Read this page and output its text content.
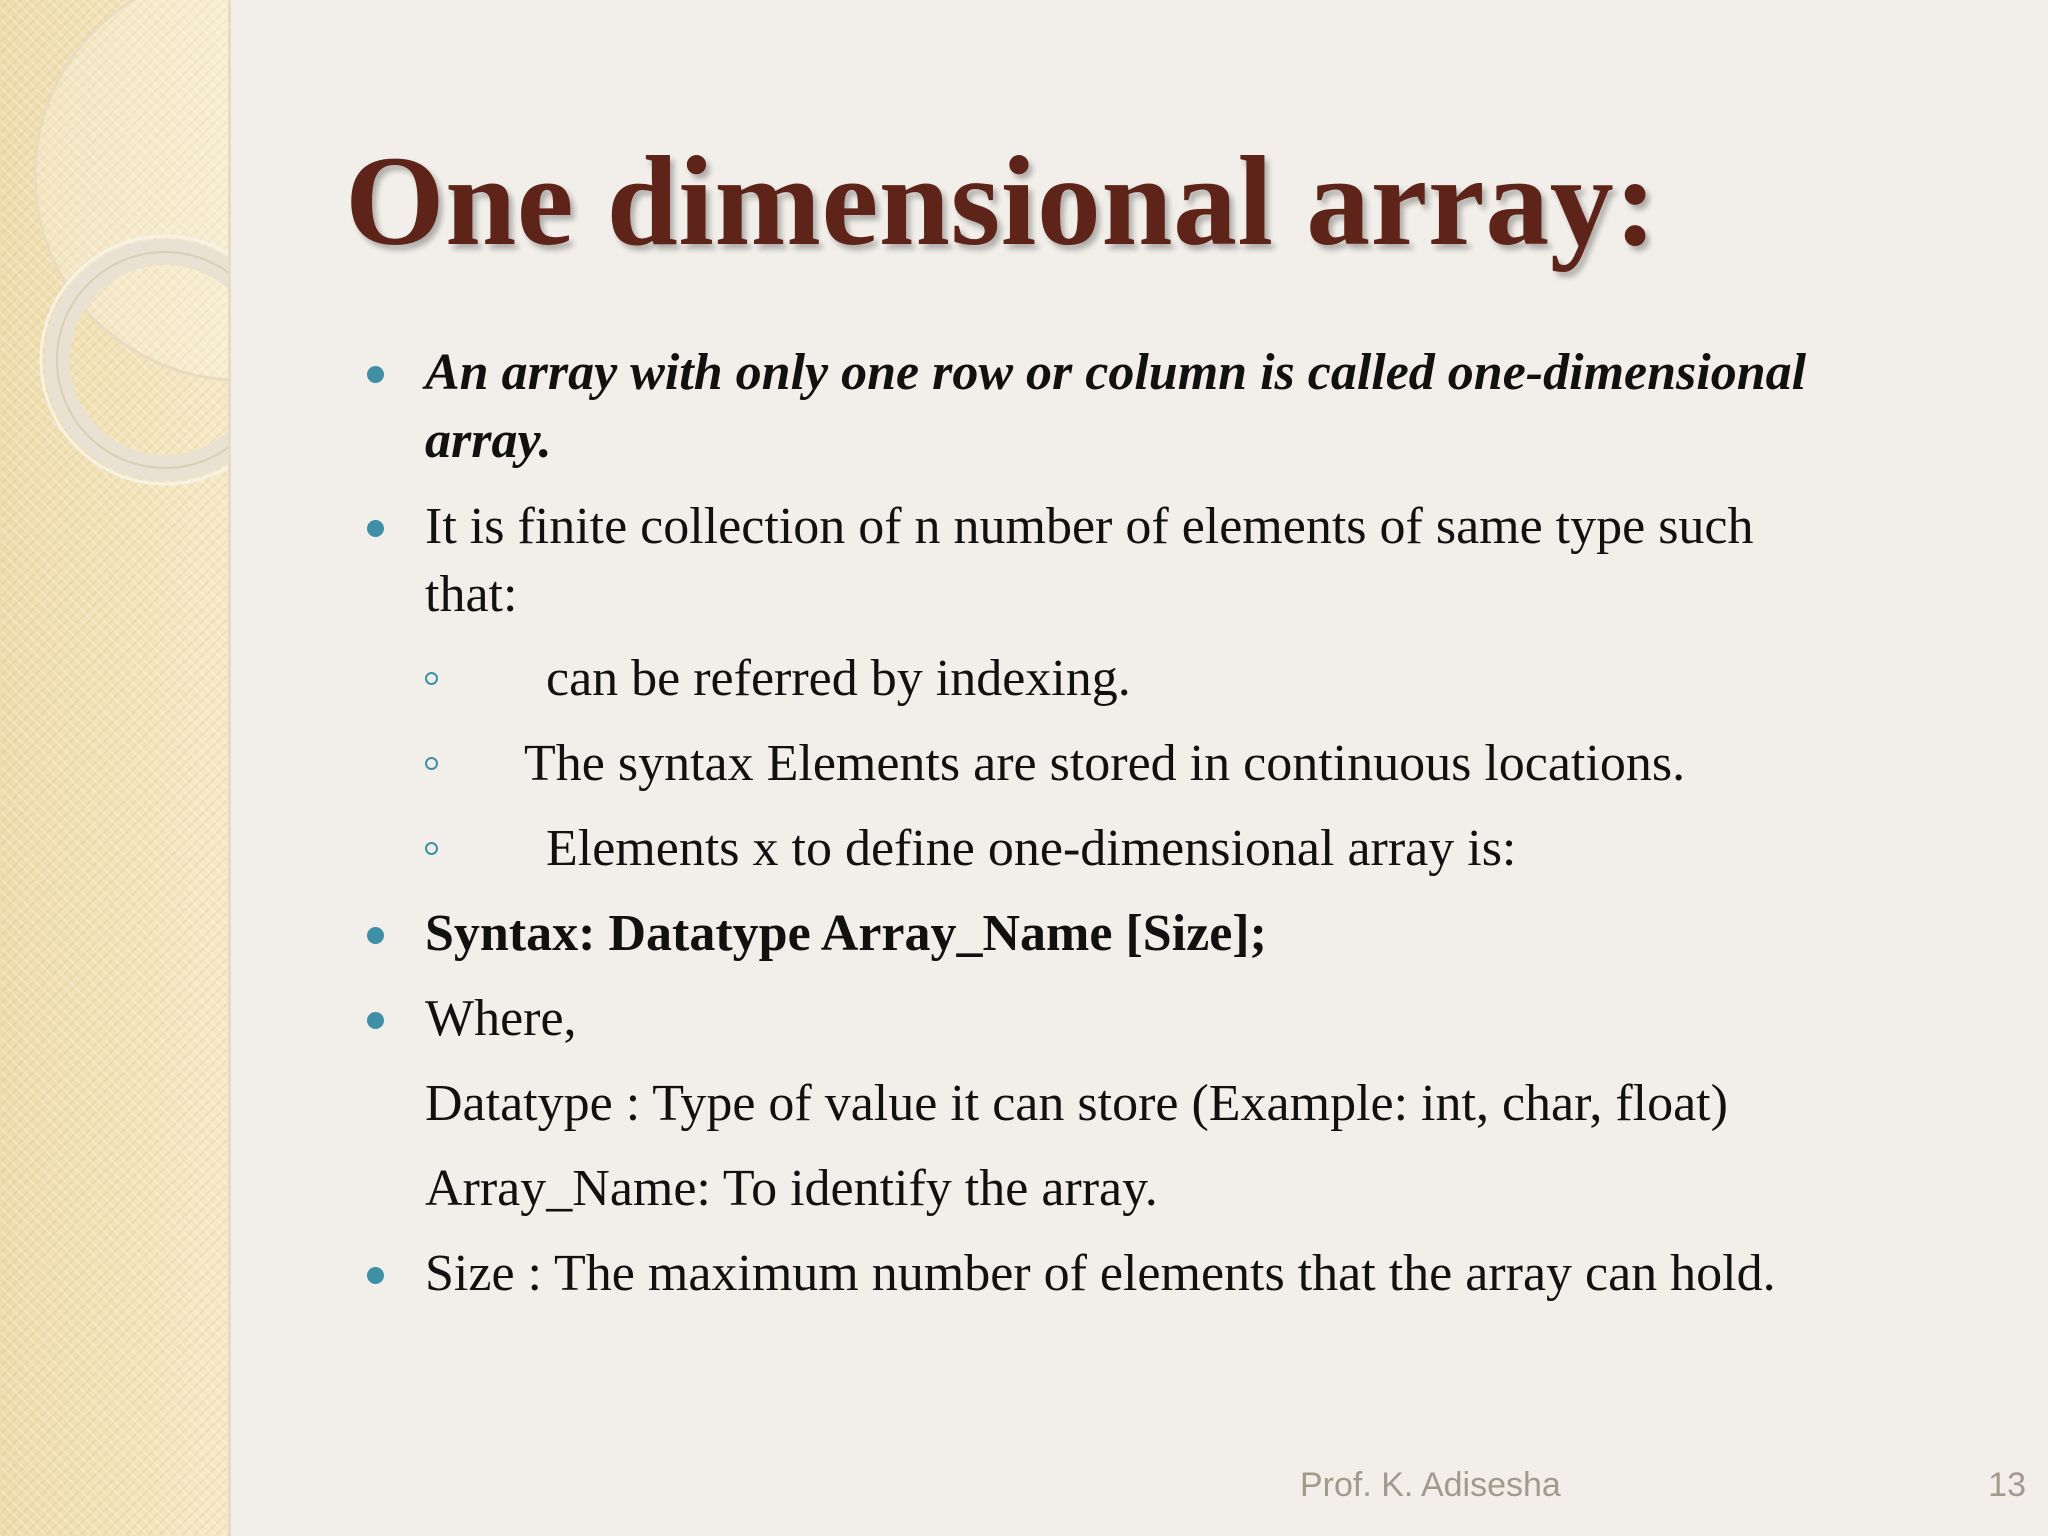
One dimensional array:
An array with only one row or column is called one-dimensional
array.
It is finite collection of n number of elements of same type such
that:
can be referred by indexing.
The syntax Elements are stored in continuous locations.
Elements x to define one-dimensional array is:
Syntax: Datatype Array_Name [Size];
Where,
Datatype : Type of value it can store (Example: int, char, float)
Array_Name: To identify the array.
Size : The maximum number of elements that the array can hold.
Prof. K. Adisesha	13
